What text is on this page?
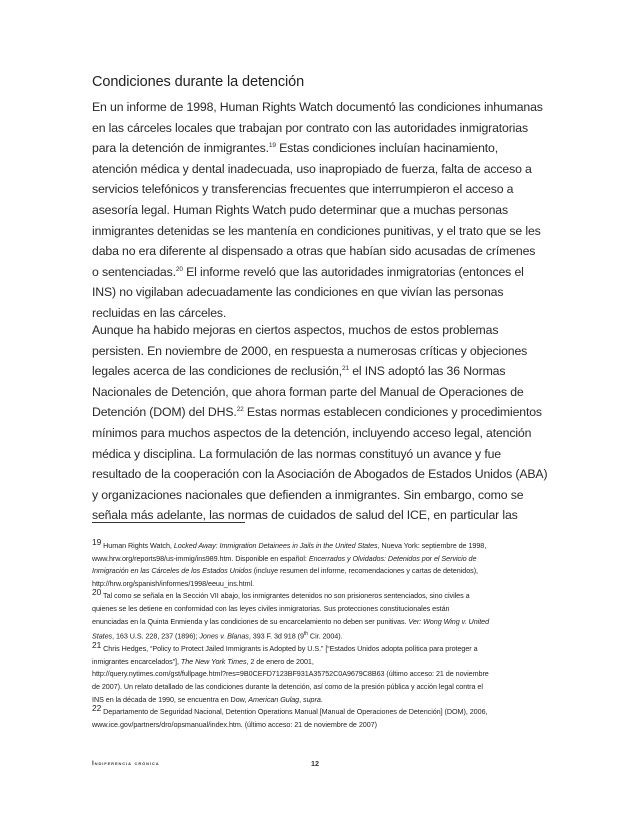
Condiciones durante la detención
En un informe de 1998, Human Rights Watch documentó las condiciones inhumanas
en las cárceles locales que trabajan por contrato con las autoridades inmigratorias
para la detención de inmigrantes.$^{19}$ Estas condiciones incluían hacinamiento,
atención médica y dental inadecuada, uso inapropiado de fuerza, falta de acceso a
servicios telefónicos y transferencias frecuentes que interrumpieron el acceso a
asesoría legal. Human Rights Watch pudo determinar que a muchas personas
inmigrantes detenidas se les mantenía en condiciones punitivas, y el trato que se les
daba no era diferente al dispensado a otras que habían sido acusadas de crímenes
o sentenciadas.$^{20}$ El informe reveló que las autoridades inmigratorias (entonces el
INS) no vigilaban adecuadamente las condiciones en que vivían las personas
recluidas en las cárceles.
Aunque ha habido mejoras en ciertos aspectos, muchos de estos problemas
persisten. En noviembre de 2000, en respuesta a numerosas críticas y objeciones
legales acerca de las condiciones de reclusión,$^{21}$ el INS adoptó las 36 Normas
Nacionales de Detención, que ahora forman parte del Manual de Operaciones de
Detención (DOM) del DHS.$^{22}$ Estas normas establecen condiciones y procedimientos
mínimos para muchos aspectos de la detención, incluyendo acceso legal, atención
médica y disciplina. La formulación de las normas constituyó un avance y fue
resultado de la cooperación con la Asociación de Abogados de Estados Unidos (ABA)
y organizaciones nacionales que defienden a inmigrantes. Sin embargo, como se
señala más adelante, las normas de cuidados de salud del ICE, en particular las
19 Human Rights Watch, Locked Away: Immigration Detainees in Jails in the United States, Nueva York: septiembre de 1998,
www.hrw.org/reports98/us-immig/ins989.htm. Disponible en español: Encerrados y Olvidados: Detenidos por el Servicio de
Inmigración en las Cárceles de los Estados Unidos (incluye resumen del informe, recomendaciones y cartas de detenidos),
http://hrw.org/spanish/informes/1998/eeuu_ins.html.
20 Tal como se señala en la Sección VII abajo, los inmigrantes detenidos no son prisioneros sentenciados, sino civiles a
quienes se les detiene en conformidad con las leyes civiles inmigratorias. Sus protecciones constitucionales están
enunciadas en la Quinta Enmienda y las condiciones de su encarcelamiento no deben ser punitivas. Ver: Wong Wing v. United
States, 163 U.S. 228, 237 (1896); Jones v. Blanas, 393 F. 3d 918 (9th Cir. 2004).
21 Chris Hedges, “Policy to Protect Jailed Immigrants is Adopted by U.S.” [“Estados Unidos adopta política para proteger a
inmigrantes encarcelados”], The New York Times, 2 de enero de 2001,
http://query.nytimes.com/gst/fullpage.html?res=9B0CEFD7123BF931A35752C0A9679C8B63 (último acceso: 21 de noviembre
de 2007). Un relato detallado de las condiciones durante la detención, así como de la presión pública y acción legal contra el
INS en la década de 1990, se encuentra en Dow, American Gulag, supra.
22 Departamento de Seguridad Nacional, Detention Operations Manual [Manual de Operaciones de Detención] (DOM), 2006,
www.ice.gov/partners/dro/opsmanual/index.htm. (último acceso: 21 de noviembre de 2007)
Indiferencia crónica	12
